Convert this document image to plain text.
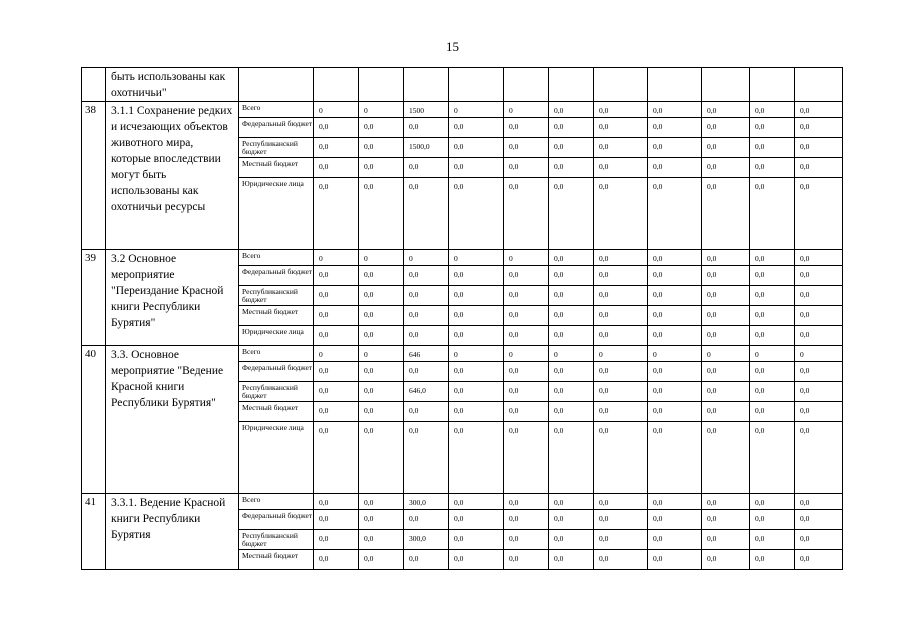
15
	быть использованы как охотничьи"												
38	3.1.1 Сохранение редких и исчезающих объектов животного мира, которые впоследствии могут быть использованы как охотничьи ресурсы	Всего	0	0	1500	0	0	0,0	0,0	0,0	0,0	0,0	0,0
		Федеральный бюджет	0,0	0,0	0,0	0,0	0,0	0,0	0,0	0,0	0,0	0,0	0,0
		Республиканский бюджет	0,0	0,0	1500,0	0,0	0,0	0,0	0,0	0,0	0,0	0,0	0,0
		Местный бюджет	0,0	0,0	0,0	0,0	0,0	0,0	0,0	0,0	0,0	0,0	0,0
		Юридические лица	0,0	0,0	0,0	0,0	0,0	0,0	0,0	0,0	0,0	0,0	0,0
39	3.2 Основное мероприятие "Переиздание Красной книги Республики Бурятия"	Всего	0	0	0	0	0	0,0	0,0	0,0	0,0	0,0	0,0
		Федеральный бюджет	0,0	0,0	0,0	0,0	0,0	0,0	0,0	0,0	0,0	0,0	0,0
		Республиканский бюджет	0,0	0,0	0,0	0,0	0,0	0,0	0,0	0,0	0,0	0,0	0,0
		Местный бюджет	0,0	0,0	0,0	0,0	0,0	0,0	0,0	0,0	0,0	0,0	0,0
		Юридические лица	0,0	0,0	0,0	0,0	0,0	0,0	0,0	0,0	0,0	0,0	0,0
40	3.3. Основное мероприятие "Ведение Красной книги Республики Бурятия"	Всего	0	0	646	0	0	0	0	0	0	0	0
		Федеральный бюджет	0,0	0,0	0,0	0,0	0,0	0,0	0,0	0,0	0,0	0,0	0,0
		Республиканский бюджет	0,0	0,0	646,0	0,0	0,0	0,0	0,0	0,0	0,0	0,0	0,0
		Местный бюджет	0,0	0,0	0,0	0,0	0,0	0,0	0,0	0,0	0,0	0,0	0,0
		Юридические лица	0,0	0,0	0,0	0,0	0,0	0,0	0,0	0,0	0,0	0,0	0,0
41	3.3.1. Ведение Красной книги Республики Бурятия	Всего	0,0	0,0	300,0	0,0	0,0	0,0	0,0	0,0	0,0	0,0	0,0
		Федеральный бюджет	0,0	0,0	0,0	0,0	0,0	0,0	0,0	0,0	0,0	0,0	0,0
		Республиканский бюджет	0,0	0,0	300,0	0,0	0,0	0,0	0,0	0,0	0,0	0,0	0,0
		Местный бюджет	0,0	0,0	0,0	0,0	0,0	0,0	0,0	0,0	0,0	0,0	0,0
